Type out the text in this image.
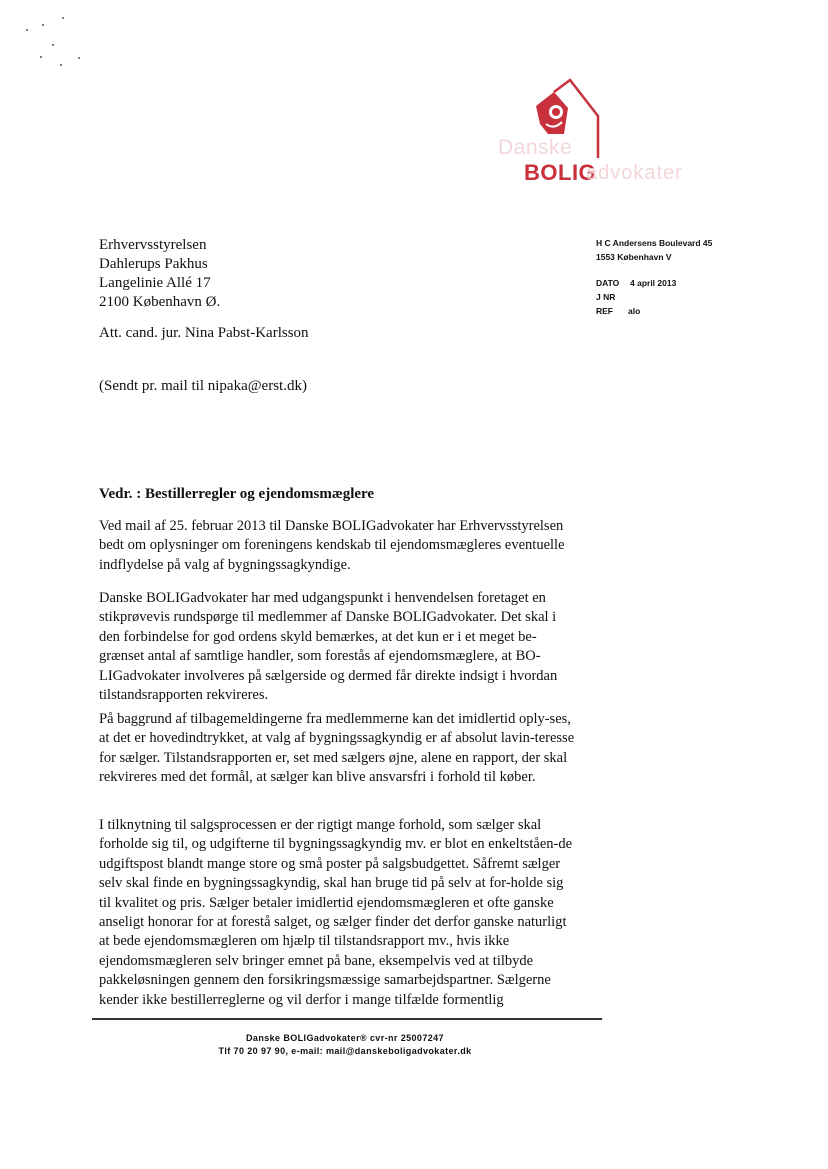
Danske
BOLIG
advokater
Erhvervsstyrelsen
Dahlerups Pakhus
Langelinie Allé 17
2100 København Ø.
H C Andersens Boulevard 45
1553 København V
DATO 4 april 2013
J NR
REF alo
Att. cand. jur. Nina Pabst-Karlsson
(Sendt pr. mail til nipaka@erst.dk)
Vedr. : Bestillerregler og ejendomsmæglere

Ved mail af 25. februar 2013 til Danske BOLIGadvokater har Erhvervsstyrelsen bedt om oplysninger om foreningens kendskab til ejendomsmægleres eventuelle indflydelse på valg af bygningssagkyndige.

Danske BOLIGadvokater har med udgangspunkt i henvendelsen foretaget en stikprøvevis rundspørge til medlemmer af Danske BOLIGadvokater. Det skal i den forbindelse for god ordens skyld bemærkes, at det kun er i et meget be-grænset antal af samtlige handler, som forestås af ejendomsmæglere, at BO-LIGadvokater involveres på sælgerside og dermed får direkte indsigt i hvordan tilstandsrapporten rekvireres.

På baggrund af tilbagemeldingerne fra medlemmerne kan det imidlertid oply-ses, at det er hovedindtrykket, at valg af bygningssagkyndig er af absolut lavin-teresse for sælger. Tilstandsrapporten er, set med sælgers øjne, alene en rapport, der skal rekvireres med det formål, at sælger kan blive ansvarsfri i forhold til køber.

I tilknytning til salgsprocessen er der rigtigt mange forhold, som sælger skal forholde sig til, og udgifterne til bygningssagkyndig mv. er blot en enkeltståen-de udgiftspost blandt mange store og små poster på salgsbudgettet. Såfremt sælger selv skal finde en bygningssagkyndig, skal han bruge tid på selv at for-holde sig til kvalitet og pris. Sælger betaler imidlertid ejendomsmægleren et ofte ganske anseligt honorar for at forestå salget, og sælger finder det derfor ganske naturligt at bede ejendomsmægleren om hjælp til tilstandsrapport mv., hvis ikke ejendomsmægleren selv bringer emnet på bane, eksempelvis ved at tilbyde pakkeløsningen gennem den forsikringsmæssige samarbejdspartner. Sælgerne kender ikke bestillerreglerne og vil derfor i mange tilfælde formentlig

Danske BOLIGadvokater® cvr-nr 25007247
Tlf 70 20 97 90, e-mail: mail@danskeboligadvokater.dk
